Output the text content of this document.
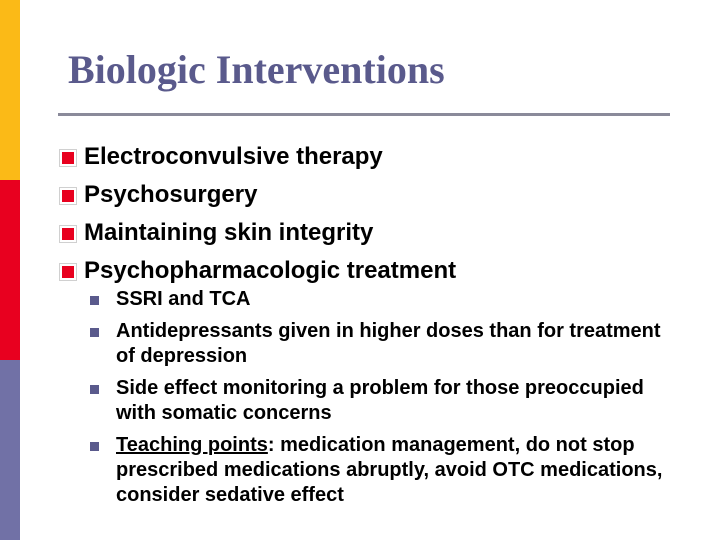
Biologic Interventions
Electroconvulsive therapy
Psychosurgery
Maintaining skin integrity
Psychopharmacologic treatment
SSRI and TCA
Antidepressants given in higher doses than for treatment of depression
Side effect monitoring a problem for those preoccupied with somatic concerns
Teaching points: medication management, do not stop prescribed medications abruptly, avoid OTC medications, consider sedative effect
